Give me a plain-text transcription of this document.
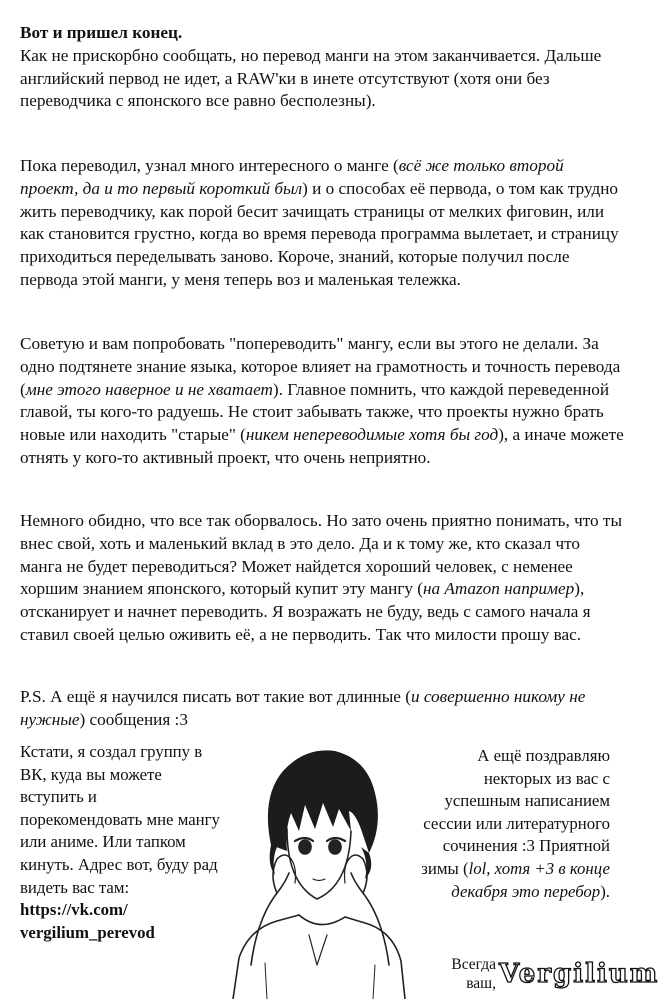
Вот и пришел конец.
Как не прискорбно сообщать, но перевод манги на этом заканчивается. Дальше английский первод не идет, а RAW'ки в инете отсутствуют (хотя они без переводчика с японского все равно бесполезны).

Пока переводил, узнал много интересного о манге (всё же только второй проект, да и то первый короткий был) и о способах её первода, о том как трудно жить переводчику, как порой бесит зачищать страницы от мелких фиговин, или как становится грустно, когда во время перевода программа вылетает, и страницу приходиться переделывать заново. Короче, знаний, которые получил после первода этой манги, у меня теперь воз и маленькая тележка.

Советую и вам попробовать "попереводить" мангу, если вы этого не делали. За одно подтянете знание языка, которое влияет на грамотность и точность перевода (мне этого наверное и не хватает). Главное помнить, что каждой переведенной главой, ты кого-то радуешь. Не стоит забывать также, что проекты нужно брать новые или находить "старые" (никем непереводимые хотя бы год), а иначе можете отнять у кого-то активный проект, что очень неприятно.

Немного обидно, что все так оборвалось. Но зато очень приятно понимать, что ты внес свой, хоть и маленький вклад в это дело. Да и к тому же, кто сказал что манга не будет переводиться? Может найдется хороший человек, с неменее хоршим знанием японского, который купит эту мангу (на Amazon например), отсканирует и начнет переводить. Я возражать не буду, ведь с самого начала я ставил своей целью оживить её, а не перводить. Так что милости прошу вас.

P.S. А ещё я научился писать вот такие вот длинные (и совершенно никому не нужные) сообщения :3

Кстати, я создал группу в ВК, куда вы можете вступить и порекомендовать мне мангу или аниме. Или тапком кинуть. Адрес вот, буду рад видеть вас там:
https://vk.com/
vergilium_perevod

А ещё поздравляю некторых из вас с успешным написанием сессии или литературного сочинения :3 Приятной зимы (lol, хотя +3 в конце декабря это перебор).

Всегда
ваш, Vergilium
